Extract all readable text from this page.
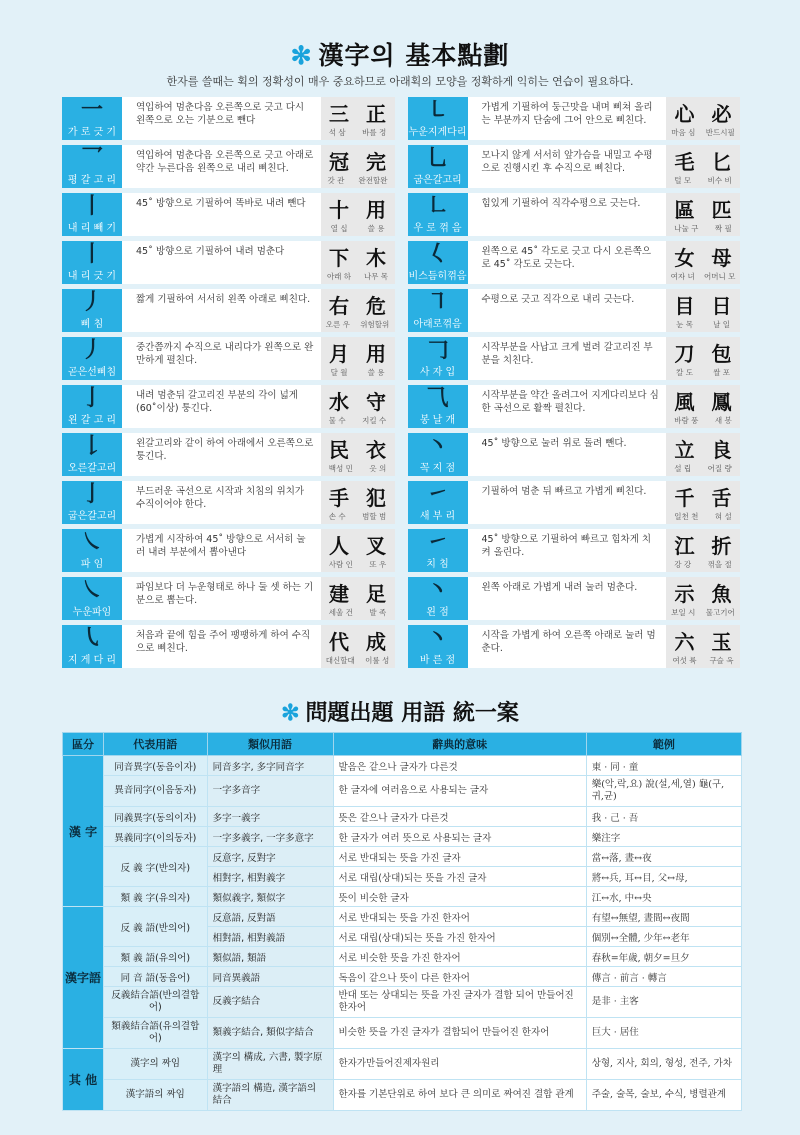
✻ 漢字의 基本點劃
한자를 쓸때는 획의 정확성이 매우 중요하므로 아래획의 모양을 정확하게 익히는 연습이 필요하다.
一
가 로 긋 기
역입하여 멈춘다음 오른쪽으로 긋고 다시 왼쪽으로 오는 기분으로 뺀다	三 正
석 삼 바를 정
㇄
누운지게다리
가볍게 기필하여 둥근맛을 내며 삐쳐 올리는 부분까지 단숨에 그어 안으로 삐친다.	心 必
마음 심 반드시필
乛
평 갈 고 리
역입하여 멈춘다음 오른쪽으로 긋고 아래로 약간 누른다음 왼쪽으로 내리 삐친다.	冠 完
갓 관 완전할완
乚
굽은갈고리
모나지 않게 서서히 앞가슴을 내밀고 수평으로 진행시킨 후 수직으로 삐친다.	毛 匕
털 모 비수 비
丨
내 리 빼 기
45˚ 방향으로 기필하여 똑바로 내려 뺀다	十 用
열 십	쓸 용
㇗
우 로 꺾 음
힘있게 기필하여 직각수평으로 긋는다.	區 匹
나눌 구 짝 필
丨
내 리 긋 기
45˚ 방향으로 기필하여 내려 멈춘다	下 木
아래 하 나무 목
𡿨
비스듬히꺾음
왼쪽으로 45˚ 각도로 긋고 다시 오른쪽으로 45˚ 각도로 긋는다.	女 母
여자 녀 어머니 모
丿
삐 침
짧게 기필하여 서서히 왼쪽 아래로 삐친다. 右 危
오른 우 위험할위
㇕
아래로꺾음
수평으로 긋고 직각으로 내리 긋는다.	目 日
눈 목	날 일
丿
곧은선삐침
중간쯤까지 수직으로 내리다가 왼쪽으로 완만하게 펼친다.	月 用
달 월	쓸 용
𠃌
사 자 입
시작부분을 사납고 크게 벌려 갈고리진 부분을 치친다.	刀 包
칼 도	쌀 포
亅
왼 갈 고 리
내려 멈춘뒤 갈고리진 부분의 각이 넓게(60˚이상) 퉁긴다.	水 守
물 수 지킬 수
⺄
봉 날 개
시작부분을 약간 올려그어 지게다리보다 심한 곡선으로 활짝 펼친다.	風 鳳
바람 풍 새 봉
𠄌
오른갈고리
왼갈고리와 같이 하여 아래에서 오른쪽으로 퉁긴다.	民 衣
백성 민 옷 의
丶
꼭 지 점
45˚ 방향으로 눌러 위로 돌려 뺀다.	立 良
설 립 어질 량
亅
굽은갈고리
부드러운 곡선으로 시작과 치침의 위치가 수직이어야 한다.	手 犯
손 수 범할 범
㇀
새 부 리
기필하여 멈춘 뒤 빠르고 가볍게 삐친다.	千 舌
일천 천 혀 설
㇏
파 임
가볍게 시작하여 45˚ 방향으로 서서히 눌러 내려 부분에서 뽑아낸다	人 叉
사람 인 또 우
㇀
치 침
45˚ 방향으로 기필하여 빠르고 힘차게 치켜 올린다.	江 折
강 강 꺾을 절
㇏
누운파임
파임보다 더 누운형태로 하나 둘 셋 하는 기분으로 뽑는다.	建 足
세울 건 발 족
丶
왼 점
왼쪽 아래로 가볍게 내려 눌러 멈춘다.	示 魚
보일 시 물고기어
㇂
지 게 다 리
처음과 끝에 힘을 주어 팽팽하게 하여 수직으로 삐친다.	代 成
대신할대 이룰 성
丶
바 른 점
시작을 가볍게 하여 오른쪽 아래로 눌러 멈춘다.	六 玉
여섯 륙 구슬 옥
✻ 問題出題 用語 統一案
區分	代表用語	類似用語	辭典的意味	範例
漢 字	同音異字(동음이자)	同音多字, 多字同音字	발음은 같으나 글자가 다른것	東 · 同 · 童
	異音同字(이음동자)	一字多音字	한 글자에 여러음으로 사용되는 글자	樂(악,락,요) 說(설,세,열) 龜(구,귀,균)
	同義異字(동의이자)	多字一義字	뜻은 같으나 글자가 다른것	我 · 己 · 吾
	異義同字(이의동자)	一字多義字, 一字多意字	한 글자가 여러 뜻으로 사용되는 글자	樂注字
	反 義 字(반의자)	反意字, 反對字	서로 반대되는 뜻을 가진 글자	當↔落, 晝↔夜
		相對字, 相對義字	서로 대립(상대)되는 뜻을 가진 글자	將↔兵, 耳↔目, 父↔母,
	類 義 字(유의자)	類似義字, 類似字	뜻이 비슷한 글자	江↔水, 中↔央
漢字語	反 義 語(반의어)	反意語, 反對語	서로 반대되는 뜻을 가진 한자어	有望↔無望, 晝間↔夜間
		相對語, 相對義語	서로 대립(상대)되는 뜻을 가진 한자어	個別↔全體, 少年↔老年
	類 義 語(유의어)	類似語, 類語	서로 비슷한 뜻을 가진 한자어	春秋=年歲, 朝夕=旦夕
	同 音 語(동음어)	同音異義語	독음이 같으나 뜻이 다른 한자어	傳言 · 前言 · 轉言
	反義結合語(반의결합어)	反義字結合	반대 또는 상대되는 뜻을 가진 글자가 결합 되어 만들어진 한자어	是非 · 主客
	類義結合語(유의결합어)	類義字結合, 類似字結合	비슷한 뜻을 가진 글자가 결합되어 만들어진 한자어	巨大 · 居住
其 他	漢字의 짜임	漢字의 構成, 六書, 製字原理	한자가만들어진제자원리	상형, 지사, 회의, 형성, 전주, 가차
	漢字語의 짜임	漢字語의 構造, 漢字語의 結合	한자를 기본단위로 하여 보다 큰 의미로 짜여진 결합 관계	주술, 술목, 술보, 수식, 병렬관계
